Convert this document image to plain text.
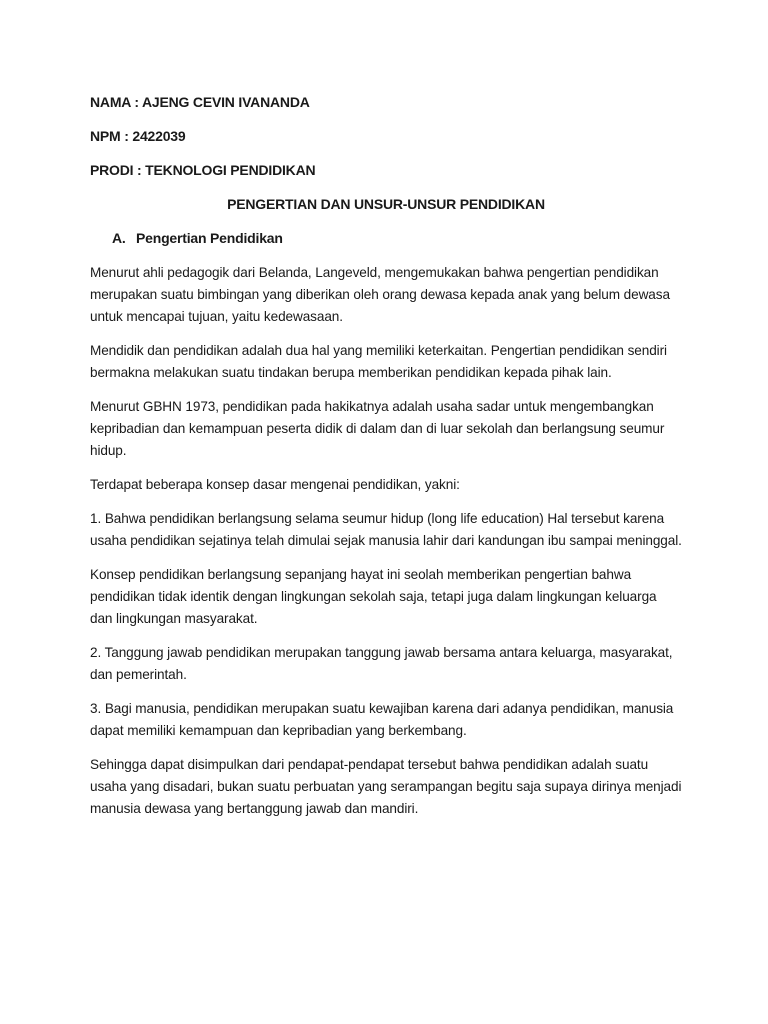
NAMA : AJENG CEVIN IVANANDA

NPM : 2422039

PRODI : TEKNOLOGI PENDIDIKAN

PENGERTIAN DAN UNSUR-UNSUR PENDIDIKAN

A. Pengertian Pendidikan

Menurut ahli pedagogik dari Belanda, Langeveld, mengemukakan bahwa pengertian pendidikan merupakan suatu bimbingan yang diberikan oleh orang dewasa kepada anak yang belum dewasa untuk mencapai tujuan, yaitu kedewasaan.

Mendidik dan pendidikan adalah dua hal yang memiliki keterkaitan. Pengertian pendidikan sendiri bermakna melakukan suatu tindakan berupa memberikan pendidikan kepada pihak lain.

Menurut GBHN 1973, pendidikan pada hakikatnya adalah usaha sadar untuk mengembangkan kepribadian dan kemampuan peserta didik di dalam dan di luar sekolah dan berlangsung seumur hidup.

Terdapat beberapa konsep dasar mengenai pendidikan, yakni:

1. Bahwa pendidikan berlangsung selama seumur hidup (long life education) Hal tersebut karena usaha pendidikan sejatinya telah dimulai sejak manusia lahir dari kandungan ibu sampai meninggal.

Konsep pendidikan berlangsung sepanjang hayat ini seolah memberikan pengertian bahwa pendidikan tidak identik dengan lingkungan sekolah saja, tetapi juga dalam lingkungan keluarga dan lingkungan masyarakat.

2. Tanggung jawab pendidikan merupakan tanggung jawab bersama antara keluarga, masyarakat, dan pemerintah.

3. Bagi manusia, pendidikan merupakan suatu kewajiban karena dari adanya pendidikan, manusia dapat memiliki kemampuan dan kepribadian yang berkembang.

Sehingga dapat disimpulkan dari pendapat-pendapat tersebut bahwa pendidikan adalah suatu usaha yang disadari, bukan suatu perbuatan yang serampangan begitu saja supaya dirinya menjadi manusia dewasa yang bertanggung jawab dan mandiri.
